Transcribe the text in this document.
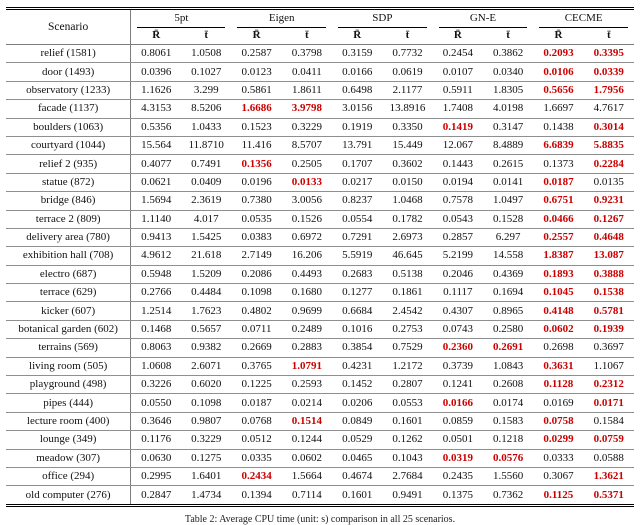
Scenario	5pt		Eigen		SDP		GN-E		CECME	

	R̄	t̄	R̄	t̄	R̄	t̄	R̄	t̄	R̄	t̄
relief (1581)	0.8061	1.0508	0.2587	0.3798	0.3159	0.7732	0.2454	0.3862	0.2093	0.3395
door (1493)	0.0396	0.1027	0.0123	0.0411	0.0166	0.0619	0.0107	0.0340	0.0106	0.0339
observatory (1233)	1.1626	3.299	0.5861	1.8611	0.6498	2.1177	0.5911	1.8305	0.5656	1.7956
facade (1137)	4.3153	8.5206	1.6686	3.9798	3.0156	13.8916	1.7408	4.0198	1.6697	4.7617
boulders (1063)	0.5356	1.0433	0.1523	0.3229	0.1919	0.3350	0.1419	0.3147	0.1438	0.3014
courtyard (1044)	15.564	11.8710	11.416	8.5707	13.791	15.449	12.067	8.4889	6.6839	5.8835
relief 2 (935)	0.4077	0.7491	0.1356	0.2505	0.1707	0.3602	0.1443	0.2615	0.1373	0.2284
statue (872)	0.0621	0.0409	0.0196	0.0133	0.0217	0.0150	0.0194	0.0141	0.0187	0.0135
bridge (846)	1.5694	2.3619	0.7380	3.0056	0.8237	1.0468	0.7578	1.0497	0.6751	0.9231
terrace 2 (809)	1.1140	4.017	0.0535	0.1526	0.0554	0.1782	0.0543	0.1528	0.0466	0.1267
delivery area (780)	0.9413	1.5425	0.0383	0.6972	0.7291	2.6973	0.2857	6.297	0.2557	0.4648
exhibition hall (708)	4.9612	21.618	2.7149	16.206	5.5919	46.645	5.2199	14.558	1.8387	13.087
electro (687)	0.5948	1.5209	0.2086	0.4493	0.2683	0.5138	0.2046	0.4369	0.1893	0.3888
terrace (629)	0.2766	0.4484	0.1098	0.1680	0.1277	0.1861	0.1117	0.1694	0.1045	0.1538
kicker (607)	1.2514	1.7623	0.4802	0.9699	0.6684	2.4542	0.4307	0.8965	0.4148	0.5781
botanical garden (602)	0.1468	0.5657	0.0711	0.2489	0.1016	0.2753	0.0743	0.2580	0.0602	0.1939
terrains (569)	0.8063	0.9382	0.2669	0.2883	0.3854	0.7529	0.2360	0.2691	0.2698	0.3697
living room (505)	1.0608	2.6071	0.3765	1.0791	0.4231	1.2172	0.3739	1.0843	0.3631	1.1067
playground (498)	0.3226	0.6020	0.1225	0.2593	0.1452	0.2807	0.1241	0.2608	0.1128	0.2312
pipes (444)	0.0550	0.1098	0.0187	0.0214	0.0206	0.0553	0.0166	0.0174	0.0169	0.0171
lecture room (400)	0.3646	0.9807	0.0768	0.1514	0.0849	0.1601	0.0859	0.1583	0.0758	0.1584
lounge (349)	0.1176	0.3229	0.0512	0.1244	0.0529	0.1262	0.0501	0.1218	0.0299	0.0759
meadow (307)	0.0630	0.1275	0.0335	0.0602	0.0465	0.1043	0.0319	0.0576	0.0333	0.0588
office (294)	0.2995	1.6401	0.2434	1.5664	0.4674	2.7684	0.2435	1.5560	0.3067	1.3621
old computer (276)	0.2847	1.4734	0.1394	0.7114	0.1601	0.9491	0.1375	0.7362	0.1125	0.5371
Table 2: Average CPU time (unit: s) comparison in all 25 scenarios.
